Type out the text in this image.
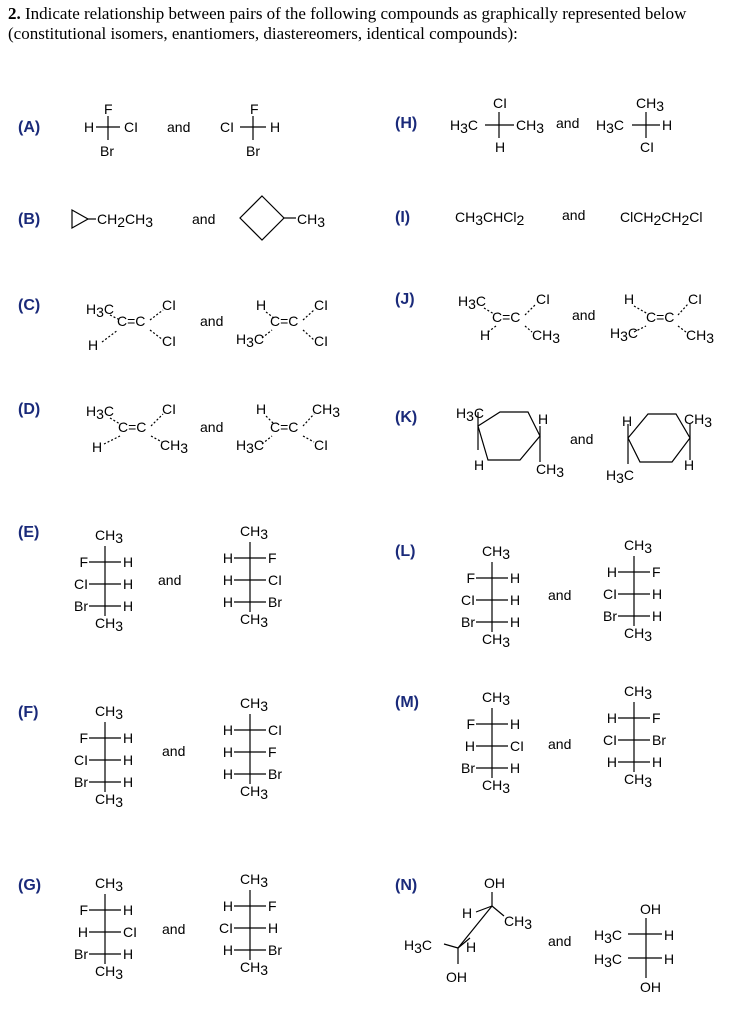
2. Indicate relationship between pairs of the following compounds as graphically represented below (constitutional isomers, enantiomers, diastereomers, identical compounds):
(A)	H
F
CI
Br
and CI
F
H
Br
(H) H3C	CH3
CI
H
and H3C	H
CH3
CI
(B)	CH2CH3	and	CH3	(I)	CH3CHCl2	and ClCH2CH2Cl
(C)	H3C
H
C=C
CI
CI
and
H
H3C
C=C
CI
CI
(J)	H3C
H
C=C
CI
CH3
and
H
H3C
C=C
CI
CH3
(D)	H3C
H
C=C
CI
CH3
and
H
H3C
C=C
CH3
CI
(K)	H3C
H
H
CH3
and
H
H3C
CH3
H
CH3
F	H
CI	H
Br	H
CH3
CH3
H	F
H	CI
H	Br
CH3
CH3
F	H
CI	H
Br	H
CH3
CH3
H	CI
H	F
H	Br
CH3
CH3
F	H
H	CI
Br	H
CH3
CH3
H	F
CI	H
H	Br
CH3
CH3
F	H
CI	H
Br	H
CH3
CH3
H	F
CI	H
Br	H
CH3
CH3
F	H
H	CI
Br	H
CH3
CH3
H	F
CI	Br
H	H
CH3
(E)
and
(F)
and
(G)
and
(L)
and
(M)
and
(N)	OH
H CH3
H3C H
OH
and
OH
H3C	H
H3C	H
OH
